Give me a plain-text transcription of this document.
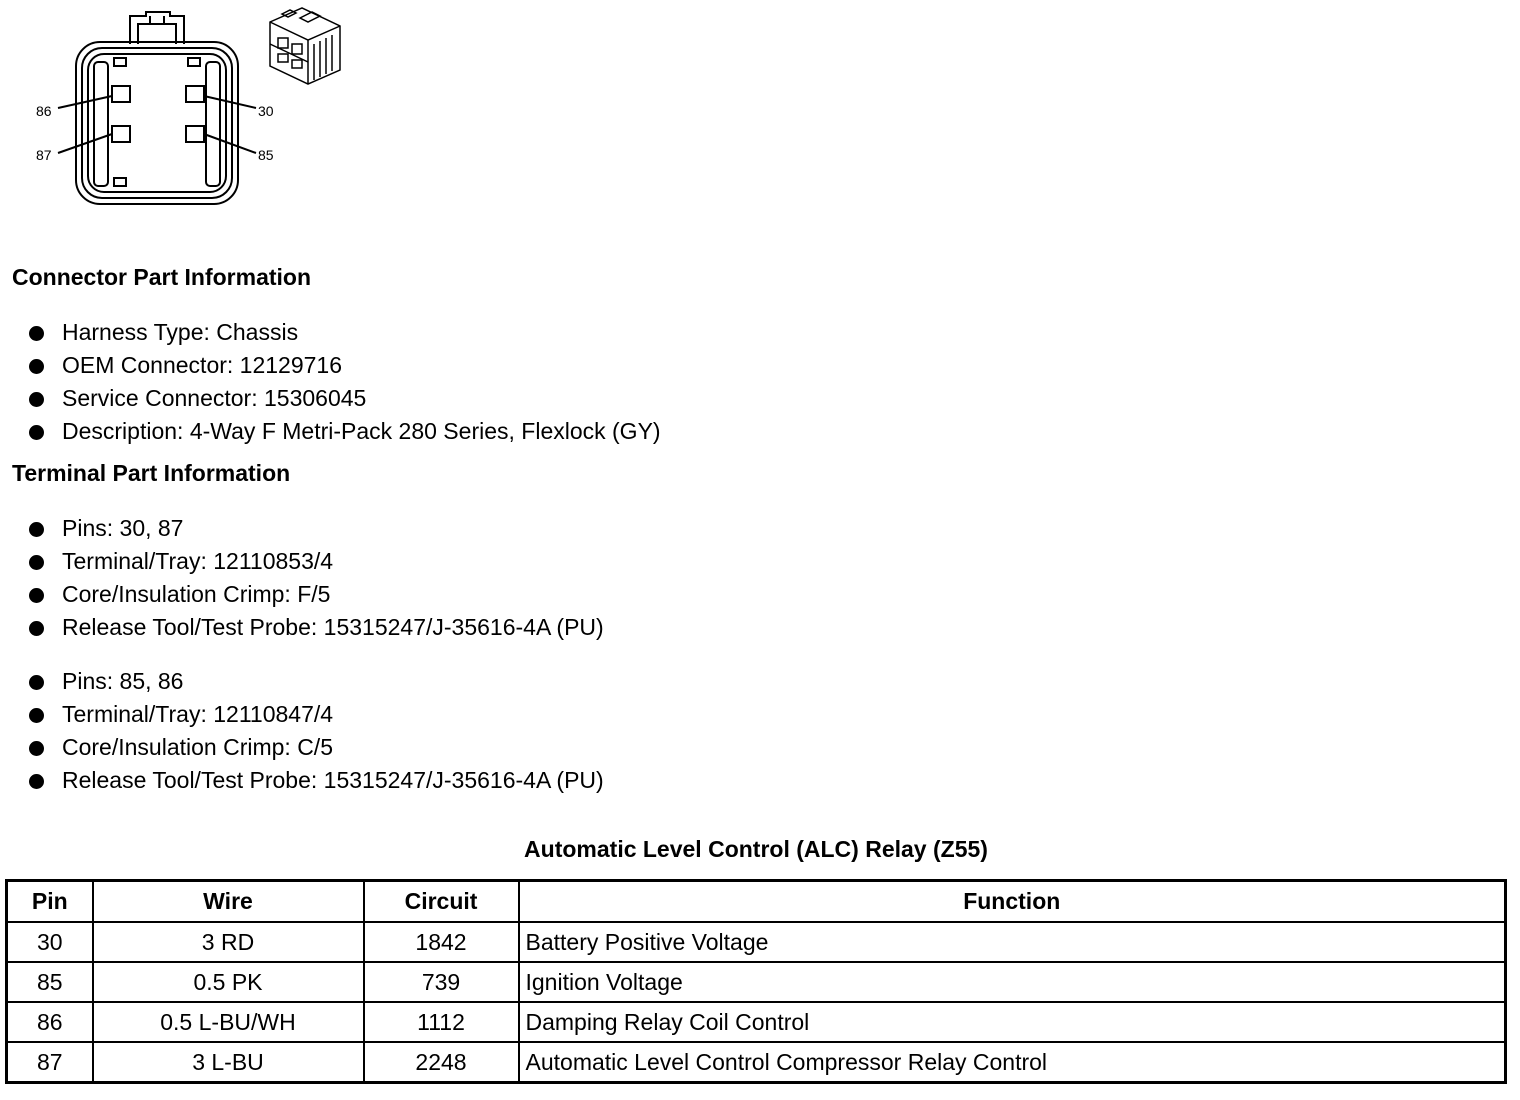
86
87
30
85
Connector Part Information
Harness Type: Chassis
OEM Connector: 12129716
Service Connector: 15306045
Description: 4-Way F Metri-Pack 280 Series, Flexlock (GY)
Terminal Part Information
Pins: 30, 87
Terminal/Tray: 12110853/4
Core/Insulation Crimp: F/5
Release Tool/Test Probe: 15315247/J-35616-4A (PU)
Pins: 85, 86
Terminal/Tray: 12110847/4
Core/Insulation Crimp: C/5
Release Tool/Test Probe: 15315247/J-35616-4A (PU)
Automatic Level Control (ALC) Relay (Z55)
Pin	Wire	Circuit	Function
30	3 RD	1842	Battery Positive Voltage
85	0.5 PK	739	Ignition Voltage
86	0.5 L-BU/WH	1112	Damping Relay Coil Control
87	3 L-BU	2248	Automatic Level Control Compressor Relay Control
